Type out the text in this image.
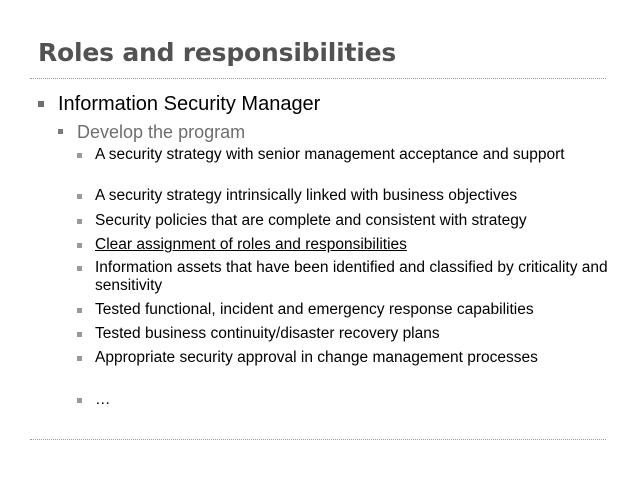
Roles and responsibilities
Information Security Manager
Develop the program
A security strategy with senior management acceptance and support
A security strategy intrinsically linked with business objectives
Security policies that are complete and consistent with strategy
Clear assignment of roles and responsibilities
Information assets that have been identified and classified by criticality and sensitivity
Tested functional, incident and emergency response capabilities
Tested business continuity/disaster recovery plans
Appropriate security approval in change management processes
…
